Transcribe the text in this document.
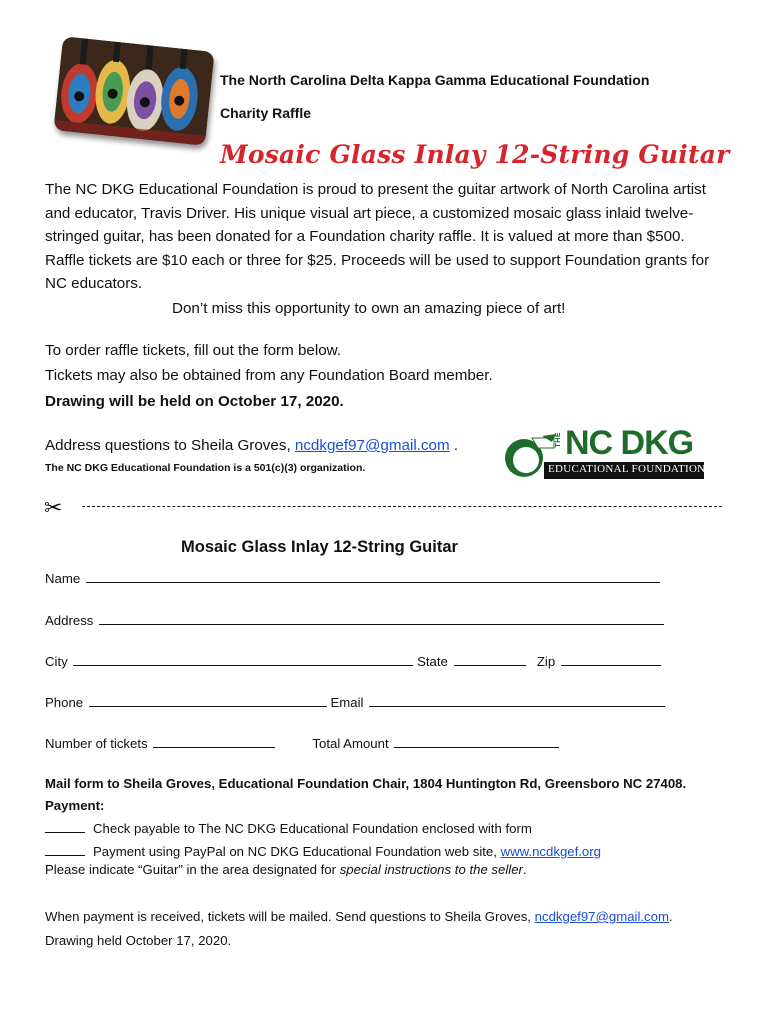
The North Carolina Delta Kappa Gamma Educational Foundation
Charity Raffle
Mosaic Glass Inlay 12-String Guitar
The NC DKG Educational Foundation is proud to present the guitar artwork of North Carolina artist and educator, Travis Driver. His unique visual art piece, a customized mosaic glass inlaid twelve-stringed guitar, has been donated for a Foundation charity raffle. It is valued at more than $500. Raffle tickets are $10 each or three for $25. Proceeds will be used to support Foundation grants for NC educators.
Don’t miss this opportunity to own an amazing piece of art!
To order raffle tickets, fill out the form below.
Tickets may also be obtained from any Foundation Board member.
Drawing will be held on October 17, 2020.
Address questions to Sheila Groves, ncdkgef97@gmail.com .
The NC DKG Educational Foundation is a 501(c)(3) organization.
THE NC DKG
EDUCATIONAL FOUNDATION
✂
Mosaic Glass Inlay 12-String Guitar
Name
Address
City	State	Zip
Phone	Email
Number of tickets	Total Amount
Mail form to Sheila Groves, Educational Foundation Chair, 1804 Huntington Rd, Greensboro NC 27408.
Payment:
Check payable to The NC DKG Educational Foundation enclosed with form
Payment using PayPal on NC DKG Educational Foundation web site, www.ncdkgef.org
Please indicate “Guitar” in the area designated for special instructions to the seller.
When payment is received, tickets will be mailed. Send questions to Sheila Groves, ncdkgef97@gmail.com.
Drawing held October 17, 2020.
